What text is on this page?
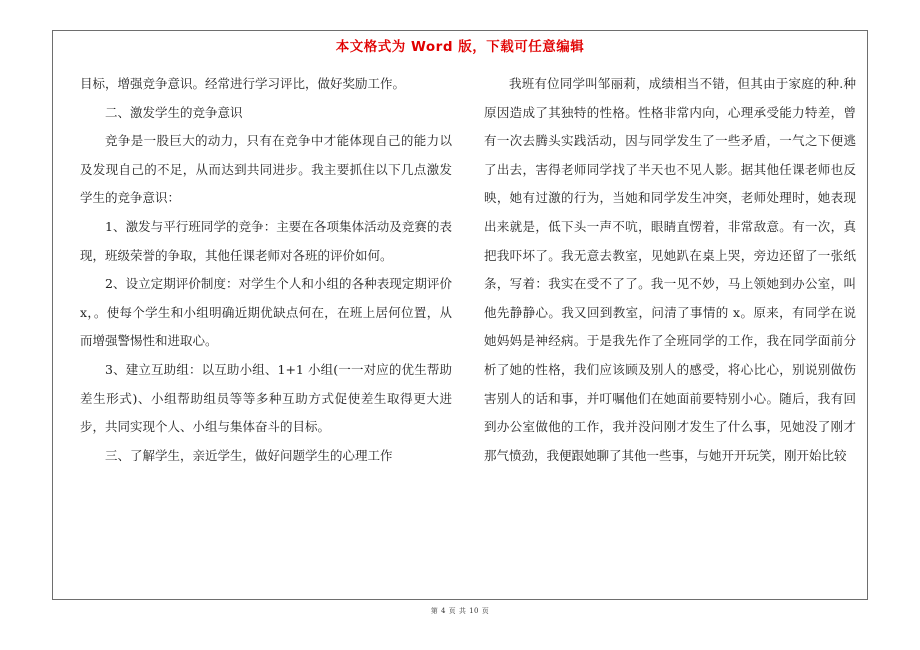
本文格式为 Word 版，下载可任意编辑

目标，增强竞争意识。经常进行学习评比，做好奖励工作。

二、激发学生的竞争意识

竞争是一股巨大的动力，只有在竞争中才能体现自己的能力以及发现自己的不足，从而达到共同进步。我主要抓住以下几点激发学生的竞争意识：

1、激发与平行班同学的竞争：主要在各项集体活动及竞赛的表现，班级荣誉的争取，其他任课老师对各班的评价如何。

2、设立定期评价制度：对学生个人和小组的各种表现定期评价 x，。使每个学生和小组明确近期优缺点何在，在班上居何位置，从而增强警惕性和进取心。

3、建立互助组：以互助小组、1+1 小组(一一对应的优生帮助差生形式)、小组帮助组员等等多种互助方式促使差生取得更大进步，共同实现个人、小组与集体奋斗的目标。

三、了解学生，亲近学生，做好问题学生的心理工作

我班有位同学叫邹丽莉，成绩相当不错，但其由于家庭的种.种原因造成了其独特的性格。性格非常内向，心理承受能力特差，曾有一次去腾头实践活动，因与同学发生了一些矛盾，一气之下便逃了出去，害得老师同学找了半天也不见人影。据其他任课老师也反映，她有过激的行为，当她和同学发生冲突，老师处理时，她表现出来就是，低下头一声不吭，眼睛直愣着，非常敌意。有一次，真把我吓坏了。我无意去教室，见她趴在桌上哭，旁边还留了一张纸条，写着：我实在受不了了。我一见不妙，马上领她到办公室，叫他先静静心。我又回到教室，问清了事情的 x。原来，有同学在说她妈妈是神经病。于是我先作了全班同学的工作，我在同学面前分析了她的性格，我们应该顾及别人的感受，将心比心，别说别做伤害别人的话和事，并叮嘱他们在她面前要特别小心。随后，我有回到办公室做他的工作，我并没问刚才发生了什么事，见她没了刚才那气愤劲，我便跟她聊了其他一些事，与她开开玩笑，刚开始比较

第 4 页 共 10 页
